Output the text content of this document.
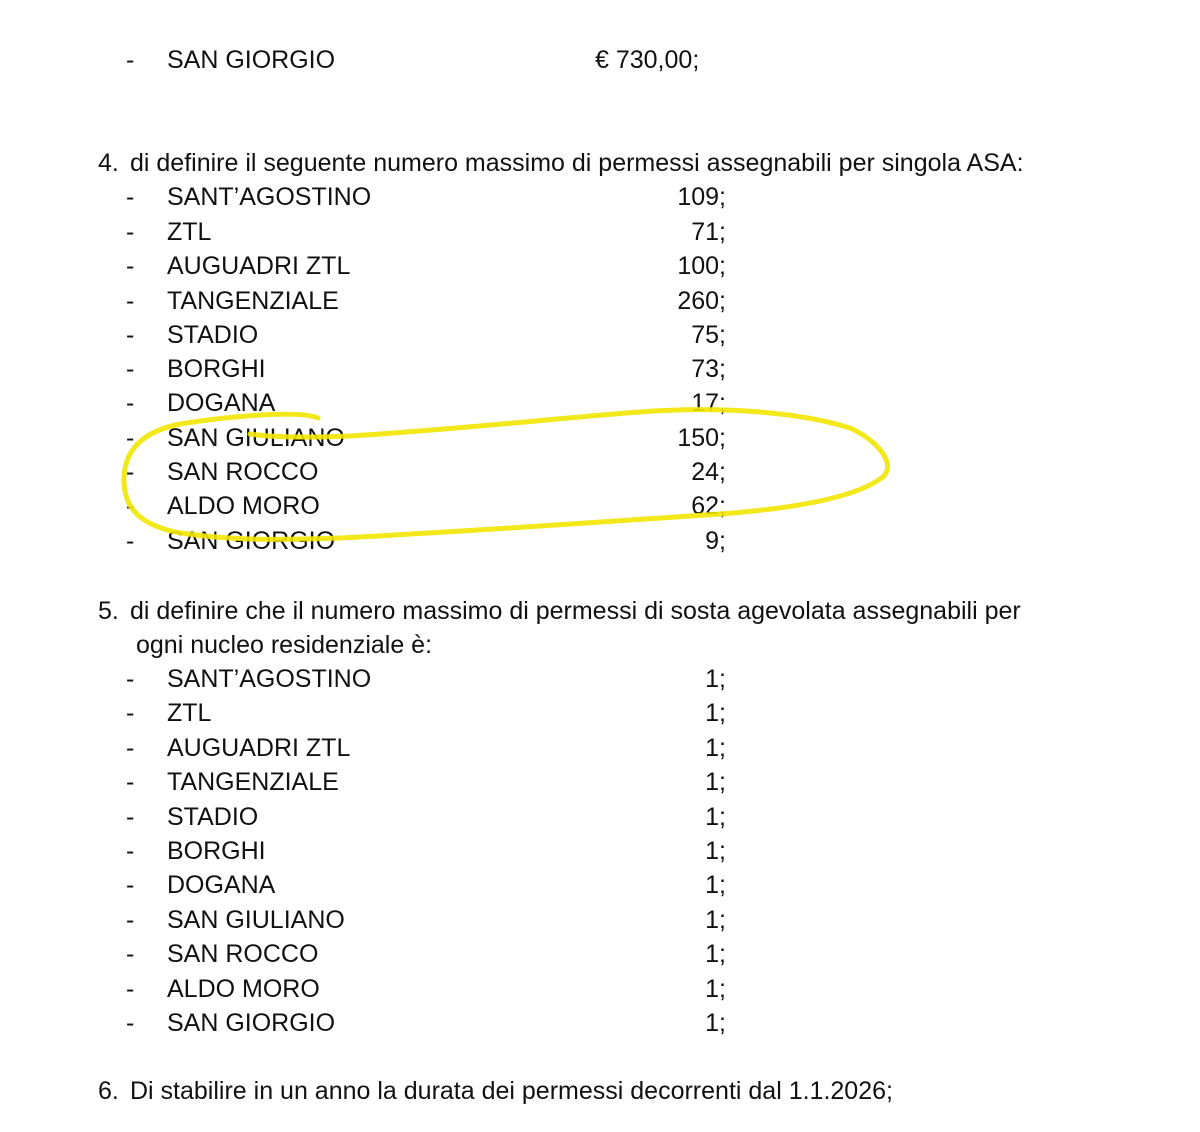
- SAN GIORGIO	€ 730,00;
4. di definire il seguente numero massimo di permessi assegnabili per singola ASA:
- SANT’AGOSTINO	109;
- ZTL	71;
- AUGUADRI ZTL	100;
- TANGENZIALE	260;
- STADIO	75;
- BORGHI	73;
- DOGANA	17;
- SAN GIULIANO	150;
- SAN ROCCO	24;
- ALDO MORO	62;
- SAN GIORGIO	9;
5. di definire che il numero massimo di permessi di sosta agevolata assegnabili per
ogni nucleo residenziale è:
- SANT’AGOSTINO	1;
- ZTL	1;
- AUGUADRI ZTL	1;
- TANGENZIALE	1;
- STADIO	1;
- BORGHI	1;
- DOGANA	1;
- SAN GIULIANO	1;
- SAN ROCCO	1;
- ALDO MORO	1;
- SAN GIORGIO	1;
6. Di stabilire in un anno la durata dei permessi decorrenti dal 1.1.2026;
